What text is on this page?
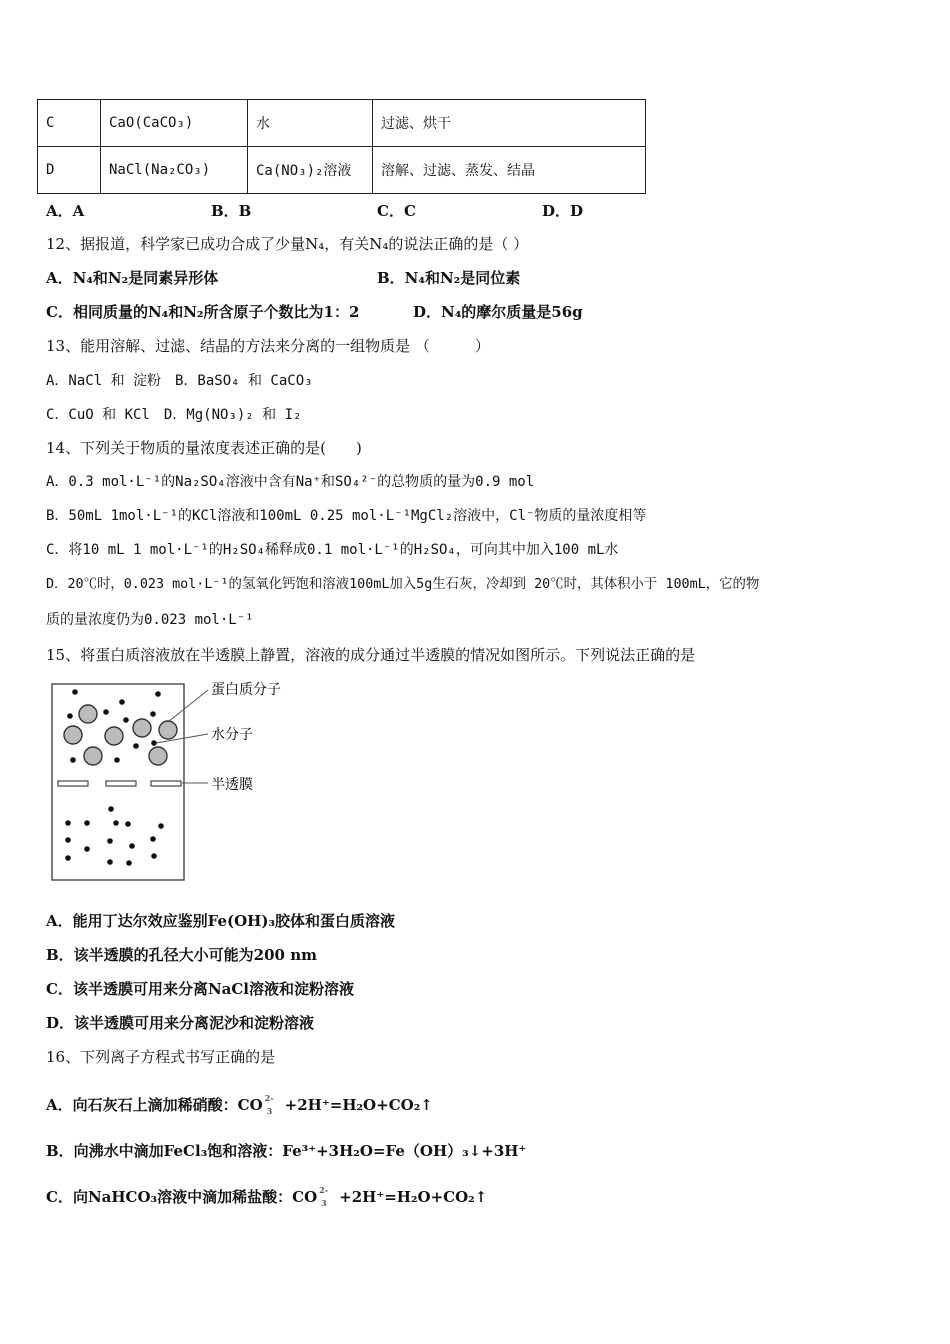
C	CaO(CaCO₃)	水	过滤、烘干
D	NaCl(Na₂CO₃)	Ca(NO₃)₂溶液	溶解、过滤、蒸发、结晶
A．A	B．B	C．C	D．D
12、据报道，科学家已成功合成了少量N₄，有关N₄的说法正确的是（ ）
A．N₄和N₂是同素异形体	B．N₄和N₂是同位素
C．相同质量的N₄和N₂所含原子个数比为1：2	D．N₄的摩尔质量是56g
13、能用溶解、过滤、结晶的方法来分离的一组物质是 （　　　）
A．NaCl 和 淀粉　B．BaSO₄ 和 CaCO₃
C．CuO 和 KCl　D．Mg(NO₃)₂ 和 I₂
14、下列关于物质的量浓度表述正确的是(　　)
A．0.3 mol·L⁻¹的Na₂SO₄溶液中含有Na⁺和SO₄²⁻的总物质的量为0.9 mol
B．50mL 1mol·L⁻¹的KCl溶液和100mL 0.25 mol·L⁻¹MgCl₂溶液中，Cl⁻物质的量浓度相等
C．将10 mL 1 mol·L⁻¹的H₂SO₄稀释成0.1 mol·L⁻¹的H₂SO₄，可向其中加入100 mL水
D．20℃时，0.023 mol·L⁻¹的氢氧化钙饱和溶液100mL加入5g生石灰，冷却到 20℃时，其体积小于 100mL，它的物
质的量浓度仍为0.023 mol·L⁻¹
15、将蛋白质溶液放在半透膜上静置，溶液的成分通过半透膜的情况如图所示。下列说法正确的是
蛋白质分子
水分子
半透膜
A．能用丁达尔效应鉴别Fe(OH)₃胶体和蛋白质溶液
B．该半透膜的孔径大小可能为200 nm
C．该半透膜可用来分离NaCl溶液和淀粉溶液
D．该半透膜可用来分离泥沙和淀粉溶液
16、下列离子方程式书写正确的是
A．向石灰石上滴加稀硝酸：CO 2-
3 +2H⁺=H₂O+CO₂↑
B．向沸水中滴加FeCl₃饱和溶液：Fe³⁺+3H₂O=Fe（OH）₃↓+3H⁺
C．向NaHCO₃溶液中滴加稀盐酸：CO 2-
3 +2H⁺=H₂O+CO₂↑
